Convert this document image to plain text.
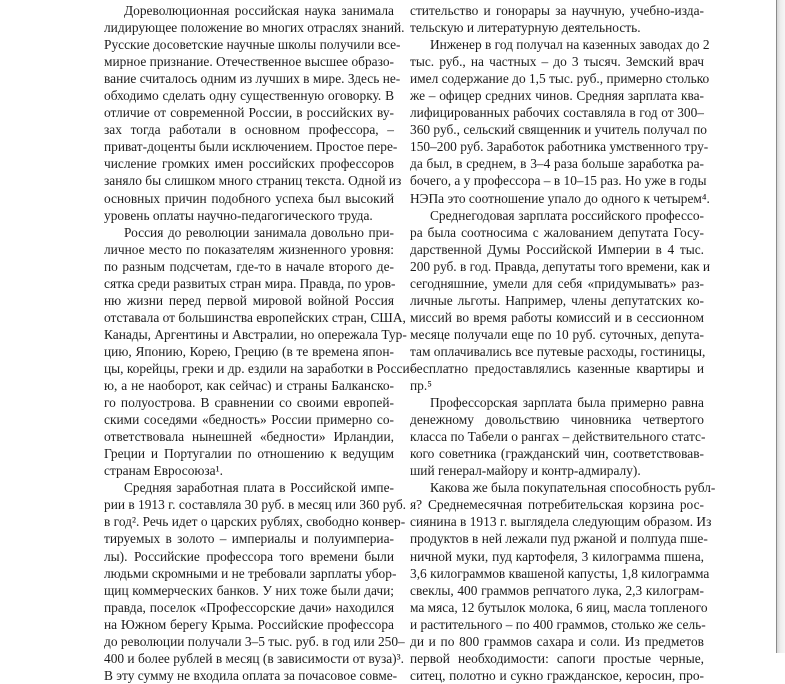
Дореволюционная российская наука занимала
лидирующее положение во многих отраслях знаний.
Русские досоветские научные школы получили все-
мирное признание. Отечественное высшее образо-
вание считалось одним из лучших в мире. Здесь не-
обходимо сделать одну существенную оговорку. В
отличие от современной России, в российских ву-
зах тогда работали в основном профессора, –
приват-доценты были исключением. Простое пере-
числение громких имен российских профессоров
заняло бы слишком много страниц текста. Одной из
основных причин подобного успеха был высокий
уровень оплаты научно-педагогического труда.
Россия до революции занимала довольно при-
личное место по показателям жизненного уровня:
по разным подсчетам, где-то в начале второго де-
сятка среди развитых стран мира. Правда, по уров-
ню жизни перед первой мировой войной Россия
отставала от большинства европейских стран, США,
Канады, Аргентины и Австралии, но опережала Тур-
цию, Японию, Корею, Грецию (в те времена япон-
цы, корейцы, греки и др. ездили на заработки в Росси-
ю, а не наоборот, как сейчас) и страны Балканско-
го полуострова. В сравнении со своими европей-
скими соседями «бедность» России примерно со-
ответствовала нынешней «бедности» Ирландии,
Греции и Португалии по отношению к ведущим
странам Евросоюза¹.
Средняя заработная плата в Российской импе-
рии в 1913 г. составляла 30 руб. в месяц или 360 руб.
в год². Речь идет о царских рублях, свободно конвер-
тируемых в золото – империалы и полуимпериа-
лы). Российские профессора того времени были
людьми скромными и не требовали зарплаты убор-
щиц коммерческих банков. У них тоже были дачи;
правда, поселок «Профессорские дачи» находился
на Южном берегу Крыма. Российские профессора
до революции получали 3–5 тыс. руб. в год или 250–
400 и более рублей в месяц (в зависимости от вуза)³.
В эту сумму не входила оплата за почасовое совме-
стительство и гонорары за научную, учебно-изда-
тельскую и литературную деятельность.
Инженер в год получал на казенных заводах до 2
тыс. руб., на частных – до 3 тысяч. Земский врач
имел содержание до 1,5 тыс. руб., примерно столько
же – офицер средних чинов. Средняя зарплата ква-
лифицированных рабочих составляла в год от 300–
360 руб., сельский священник и учитель получал по
150–200 руб. Заработок работника умственного тру-
да был, в среднем, в 3–4 раза больше заработка ра-
бочего, а у профессора – в 10–15 раз. Но уже в годы
НЭПа это соотношение упало до одного к четырем⁴.
Среднегодовая зарплата российского профессо-
ра была соотносима с жалованием депутата Госу-
дарственной Думы Российской Империи в 4 тыс.
200 руб. в год. Правда, депутаты того времени, как и
сегодняшние, умели для себя «придумывать» раз-
личные льготы. Например, члены депутатских ко-
миссий во время работы комиссий и в сессионном
месяце получали еще по 10 руб. суточных, депута-
там оплачивались все путевые расходы, гостиницы,
бесплатно предоставлялись казенные квартиры и
пр.⁵
Профессорская зарплата была примерно равна
денежному довольствию чиновника четвертого
класса по Табели о рангах – действительного статс-
кого советника (гражданский чин, соответствовав-
ший генерал-майору и контр-адмиралу).
Какова же была покупательная способность рубл-
я? Среднемесячная потребительская корзина рос-
сиянина в 1913 г. выглядела следующим образом. Из
продуктов в ней лежали пуд ржаной и полпуда пше-
ничной муки, пуд картофеля, 3 килограмма пшена,
3,6 килограммов квашеной капусты, 1,8 килограмма
свеклы, 400 граммов репчатого лука, 2,3 килограм-
ма мяса, 12 бутылок молока, 6 яиц, масла топленого
и растительного – по 400 граммов, столько же сель-
ди и по 800 граммов сахара и соли. Из предметов
первой необходимости: сапоги простые черные,
ситец, полотно и сукно гражданское, керосин, про-
